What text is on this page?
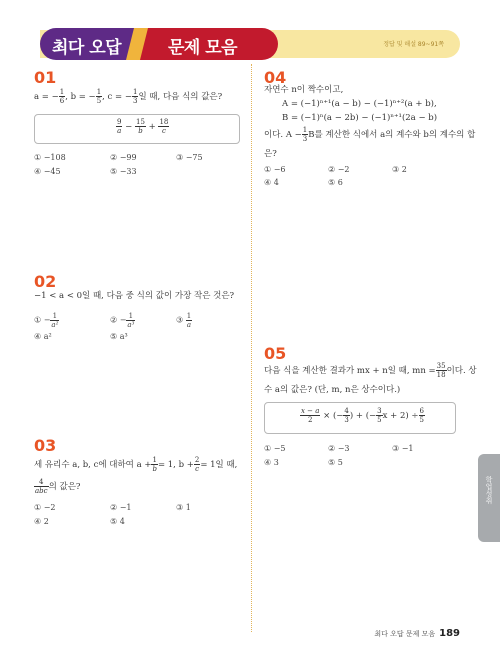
최다 오답	문제 모음	정답 및 해설 89~91쪽
01
a = − $\frac{1}{6}$ , b = − $\frac{1}{5}$ , c = − $\frac{1}{3}$ 일 때, 다음 식의 값은?
$\frac{9}{a} - \frac{15}{b} + \frac{18}{c}$
① −108	② −99	③ −75
④ −45	⑤ −33
02
−1 < a < 0일 때, 다음 중 식의 값이 가장 작은 것은?
① − $\frac{1}{\text{a²}}$	② − $\frac{1}{\text{a³}}$	③ $\frac{1}{a}$
④ a²	⑤ a³
03
세 유리수 a, b, c에 대하여 $a + \frac{1}{b} = 1$, $b + \frac{2}{c} = 1$일 때,
$\frac{4}{\text{abc}}$ 의 값은?
① −2	② −1	③ 1
④ 2	⑤ 4
04
자연수 n이 짝수이고,
A = (−1)ⁿ⁺¹(a − b) − (−1)ⁿ⁺²(a + b),
B = (−1)ⁿ(a − 2b) − (−1)ⁿ⁺¹(2a − b)
이다. $A - \frac{1}{3}$ B를 계산한 식에서 a의 계수와 b의 계수의 합
은?
① −6	② −2	③ 2
④ 4	⑤ 6
05
다음 식을 계산한 결과가 mx + n일 때, mn = $\frac{35}{18}$ 이다. 상
수 a의 값은? (단, m, n은 상수이다.)
$\frac{x - a}{2}$ × (− $\frac{4}{3}$ ) + (− $\frac{3}{5}$ $x + 2) \div \frac{6}{5}$
① −5	② −3	③ −1
④ 3	⑤ 5
학업성취
최다 오답 문제 모음 189
